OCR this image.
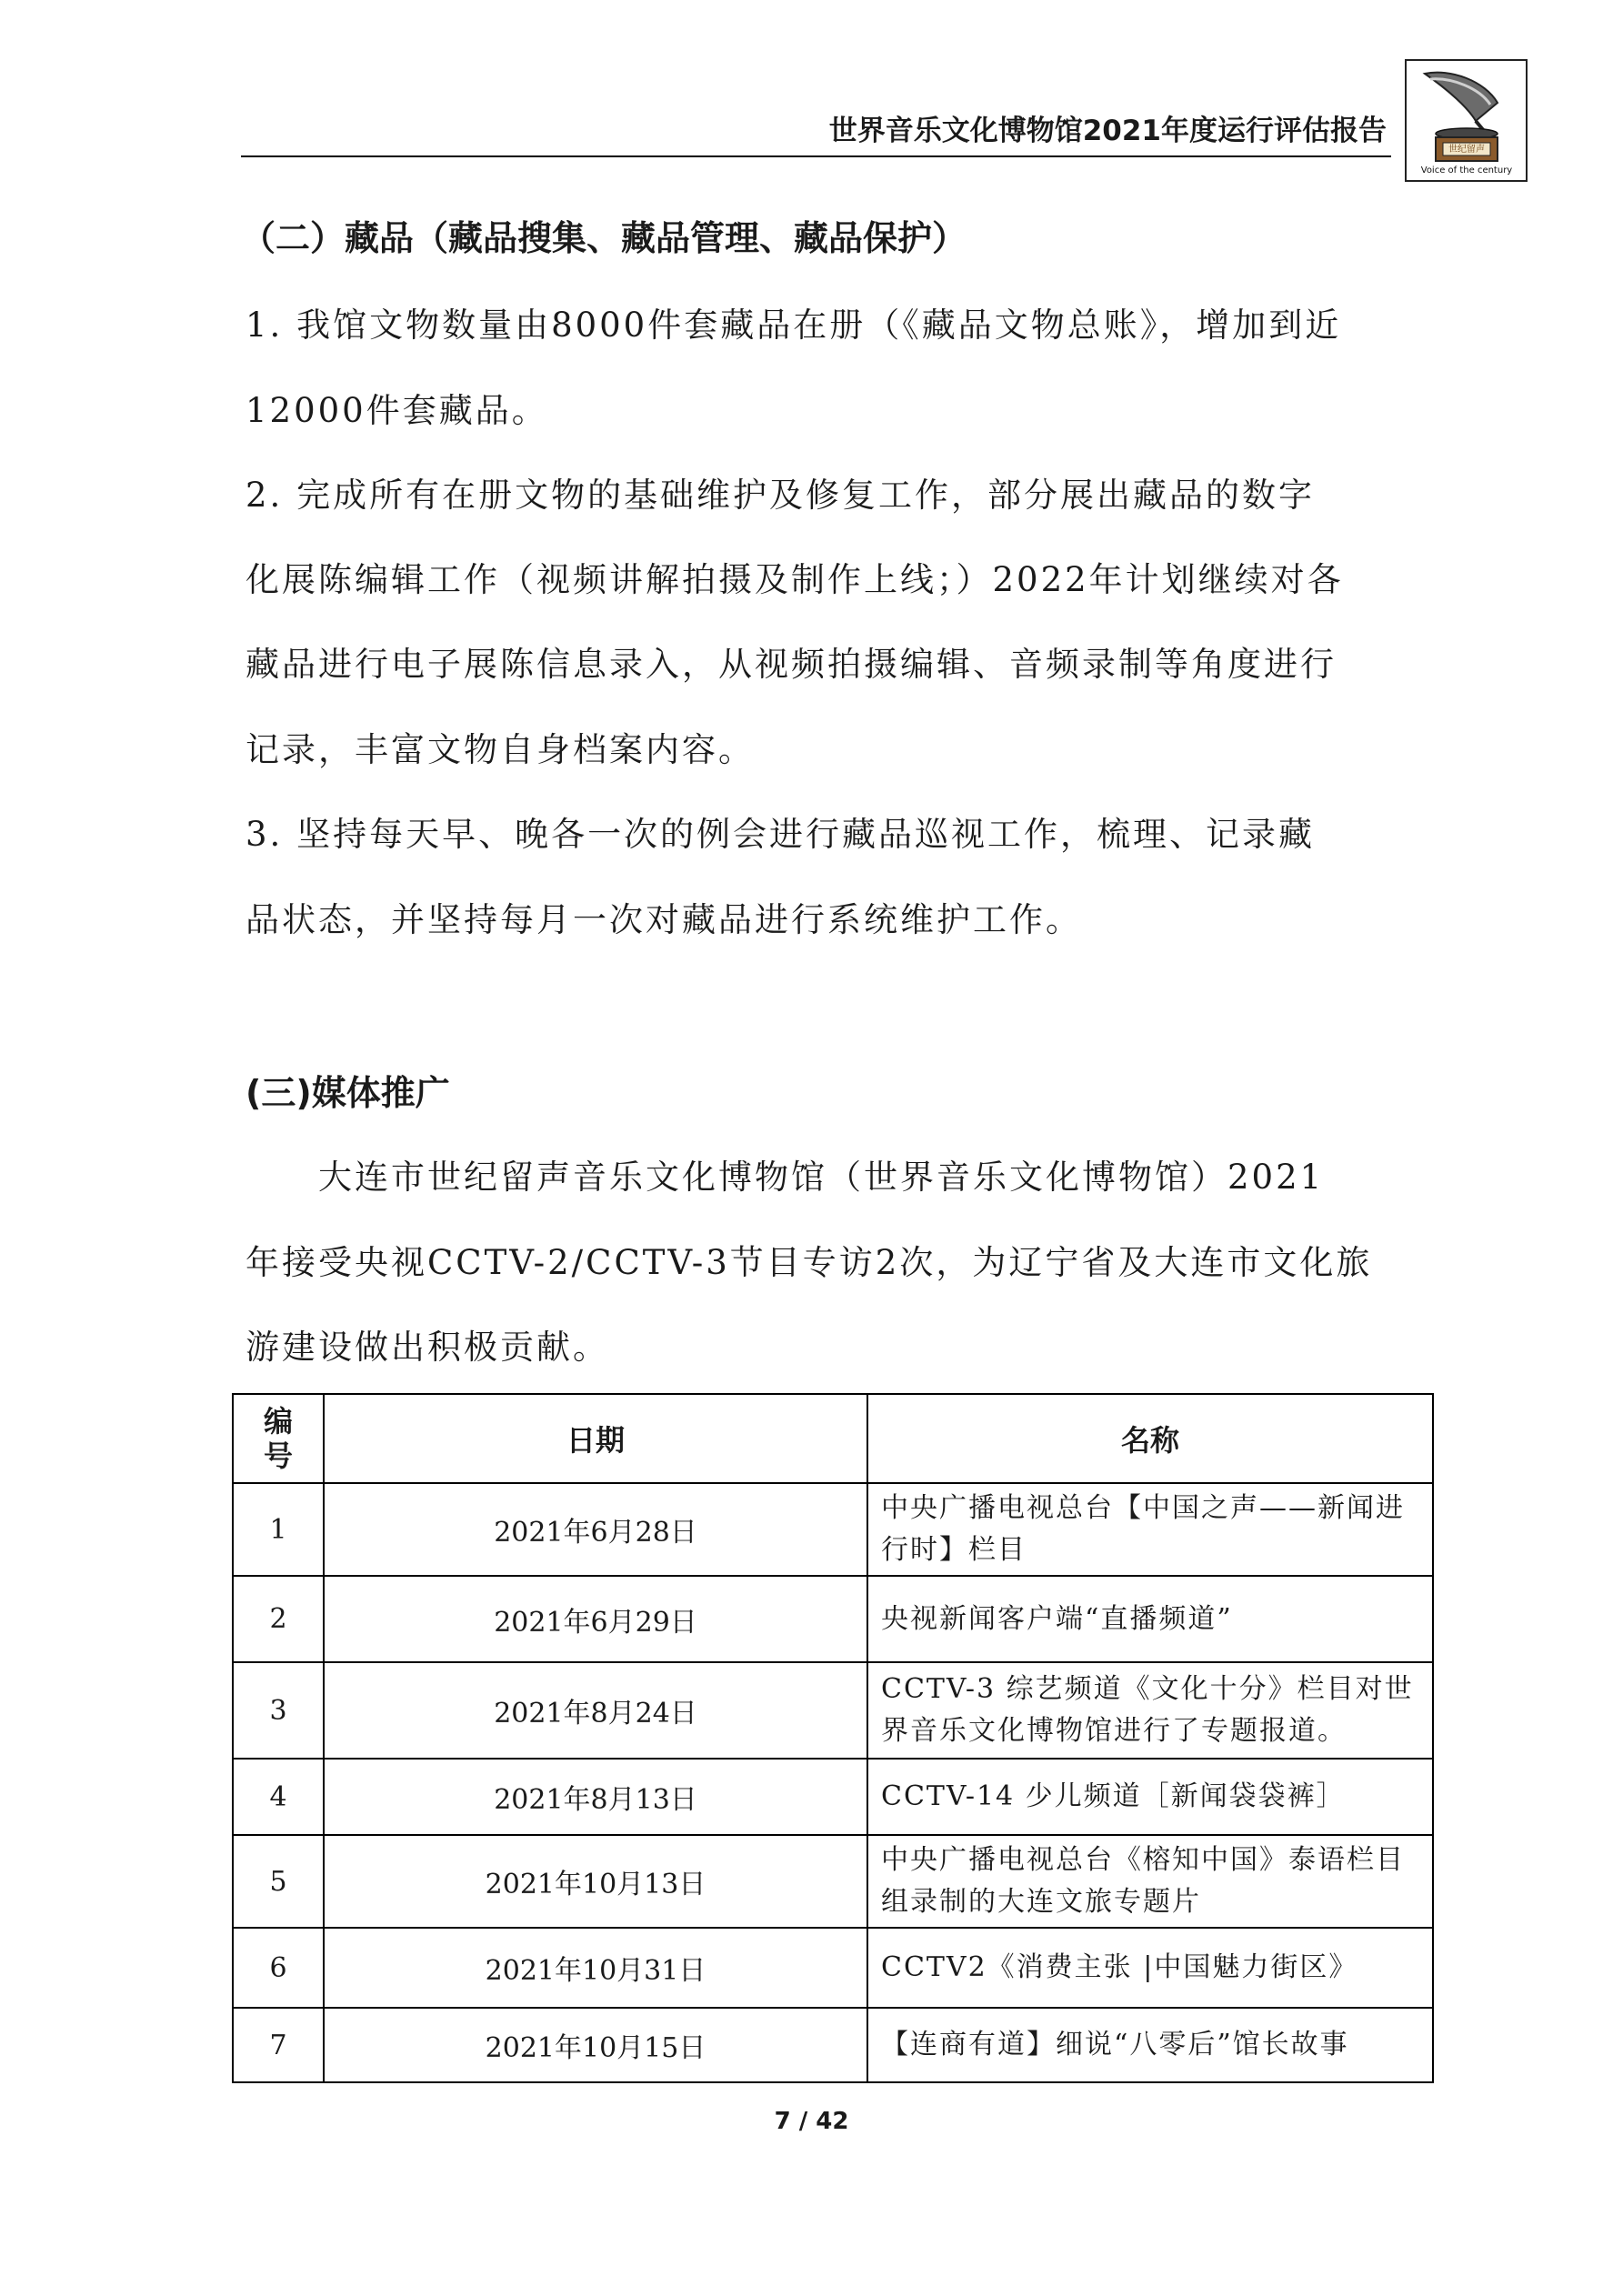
世界音乐文化博物馆2021年度运行评估报告
世纪留声
Voice of the century
（二）藏品（藏品搜集、藏品管理、藏品保护）
1. 我馆文物数量由8000件套藏品在册（《藏品文物总账》，增加到近
12000件套藏品。
2. 完成所有在册文物的基础维护及修复工作，部分展出藏品的数字
化展陈编辑工作（视频讲解拍摄及制作上线；）2022年计划继续对各
藏品进行电子展陈信息录入，从视频拍摄编辑、音频录制等角度进行
记录，丰富文物自身档案内容。
3. 坚持每天早、晚各一次的例会进行藏品巡视工作，梳理、记录藏
品状态，并坚持每月一次对藏品进行系统维护工作。
(三)媒体推广
大连市世纪留声音乐文化博物馆（世界音乐文化博物馆）2021
年接受央视CCTV-2/CCTV-3节目专访2次，为辽宁省及大连市文化旅
游建设做出积极贡献。
编号	日期	名称
1	2021年6月28日	中央广播电视总台【中国之声——新闻进行时】栏目
2	2021年6月29日	央视新闻客户端“直播频道”
3	2021年8月24日	CCTV-3 综艺频道《文化十分》栏目对世界音乐文化博物馆进行了专题报道。
4	2021年8月13日	CCTV-14 少儿频道［新闻袋袋裤］
5	2021年10月13日	中央广播电视总台《榕知中国》泰语栏目组录制的大连文旅专题片
6	2021年10月31日	CCTV2《消费主张 |中国魅力街区》
7	2021年10月15日	【连商有道】细说“八零后”馆长故事
7 / 42
